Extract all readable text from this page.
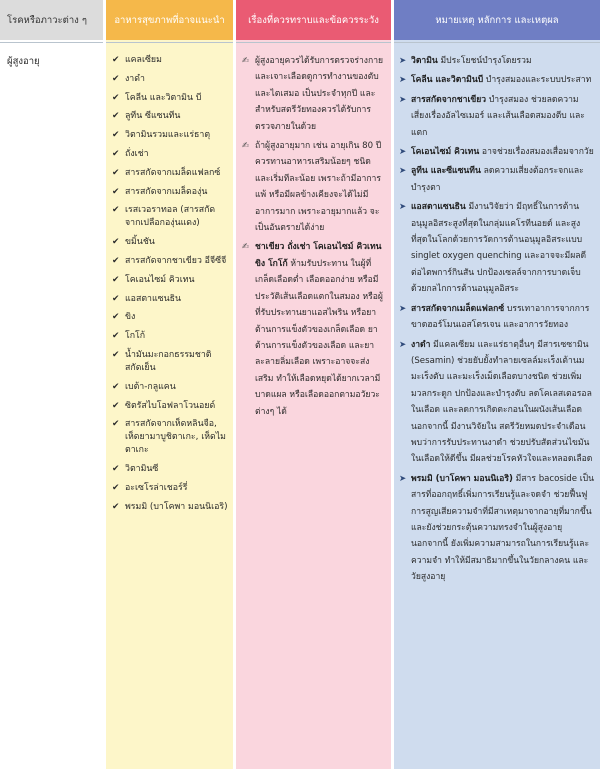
โรคหรือภาวะต่าง ๆ
ผู้สูงอายุ
อาหารสุขภาพที่อาจแนะนำ
✔ แคลเซียม
✔ งาดำ
✔ โคลีน และวิตามิน บี
✔ ลูทีน ซีแซนทีน
✔ วิตามินรวมและแร่ธาตุ
✔ ถั่งเช่า
✔ สารสกัดจากเมล็ดแฟลกซ์
✔ สารสกัดจากเมล็ดองุ่น
✔ เรสเวอราทอล (สารสกัดจากเปลือกองุ่นแดง)
✔ ขมิ้นชัน
✔ สารสกัดจากชาเขียว อีจีซีจี
✔ โคเอนไซม์ คิวเทน
✔ แอสตาแซนธิน
✔ ขิง
✔ โกโก้
✔ น้ำมันมะกอกธรรมชาติ สกัดเย็น
✔ เบต้า-กลูแคน
✔ ซิตรัสไบโอฟลาโวนอยด์
✔ สารสกัดจากเห็ดหลินจือ, เห็ดยามาบูชิตาเกะ, เห็ดไมตาเกะ
✔ วิตามินซี
✔ อะเซโรล่าเชอร์รี่
✔ พรมมิ (บาโคพา มอนนิเอริ)
เรื่องที่ควรทราบและข้อควรระวัง
✍ ผู้สูงอายุควรได้รับการตรวจร่างกายและเจาะเลือดดูการทำงานของตับและไตเสมอ เป็นประจำทุกปี และสำหรับสตรีวัยทองควรได้รับการตรวจภายในด้วย
✍ ถ้าผู้สูงอายุมาก เช่น อายุเกิน 80 ปี ควรทานอาหารเสริมน้อยๆ ชนิดและเริ่มทีละน้อย เพราะถ้ามีอาการแพ้ หรือมีผลข้างเคียงจะได้ไม่มีอาการมาก เพราะอายุมากแล้ว จะเป็นอันตรายได้ง่าย
✍ ชาเขียว ถั่งเช่า โคเอนไซม์ คิวเทน ขิง โกโก้ ห้ามรับประทาน ในผู้ที่เกล็ดเลือดต่ำ เลือดออกง่าย หรือมีประวัติเส้นเลือดแตกในสมอง หรือผู้ที่รับประทานยาแอสไพริน หรือยาต้านการแข็งตัวของเกล็ดเลือด ยาต้านการแข็งตัวของเลือด และยาละลายลิ่มเลือด เพราะอาจจะส่งเสริม ทำให้เลือดหยุดได้ยากเวลามีบาดแผล หรือเลือดออกตามอวัยวะต่างๆ ได้
หมายเหตุ หลักการ และเหตุผล
➤ วิตามิน มีประโยชน์บำรุงโดยรวม
➤ โคลีน และวิตามินบี บำรุงสมองและระบบประสาท
➤ สารสกัดจากชาเขียว บำรุงสมอง ช่วยลดความเสี่ยงเรื่องอัลไซเมอร์ และเส้นเลือดสมองตีบ และแตก
➤ โคเอนไซม์ คิวเทน อาจช่วยเรื่องสมองเสื่อมจากวัย
➤ ลูทีน และซีแซนทีน ลดความเสี่ยงต้อกระจกและบำรุงตา
➤ แอสตาแซนธิน มีงานวิจัยว่า มีฤทธิ์ในการต้านอนุมูลอิสระสูงที่สุดในกลุ่มแคโรทีนอยด์ และสูงที่สุดในโลกด้วยการวัดการต้านอนุมูลอิสระแบบ singlet oxygen quenching และอาจจะมีผลดีต่อไตพการ์กินสัน ปกป้องเซลล์จากการบาดเจ็บด้วยกลไกการต้านอนุมูลอิสระ
➤ สารสกัดจากเมล็ดแฟลกซ์ บรรเทาอาการจากการขาดฮอร์โมนเอสโตรเจน และอาการวัยทอง
➤ งาดำ มีแคลเซียม และแร่ธาตุอื่นๆ มีสารเซซามิน (Sesamin) ช่วยยับยั้งทำลายเซลล์มะเร็งเต้านม มะเร็งตับ และมะเร็งเม็ดเลือดบางชนิด ช่วยเพิ่มมวลกระดูก ปกป้องและบำรุงตับ ลดโคเลสเตอรอลในเลือด และลดการเกิดตะกอนในผนังเส้นเลือด นอกจากนี้ มีงานวิจัยใน สตรีวัยหมดประจำเดือน พบว่าการรับประทานงาดำ ช่วยปรับสัดส่วนไขมันในเลือดให้ดีขึ้น มีผลช่วยโรคหัวใจและหลอดเลือด
➤ พรมมิ (บาโคพา มอนนิเอริ) มีสาร bacoside เป็นสารที่ออกฤทธิ์เพิ่มการเรียนรู้และจดจำ ช่วยฟื้นฟูการสูญเสียความจำที่มีสาเหตุมาจากอายุที่มากขึ้น และยังช่วยกระตุ้นความทรงจำในผู้สูงอายุ นอกจากนี้ ยังเพิ่มความสามารถในการเรียนรู้และความจำ ทำให้มีสมาธิมากขึ้นในวัยกลางคน และวัยสูงอายุ
